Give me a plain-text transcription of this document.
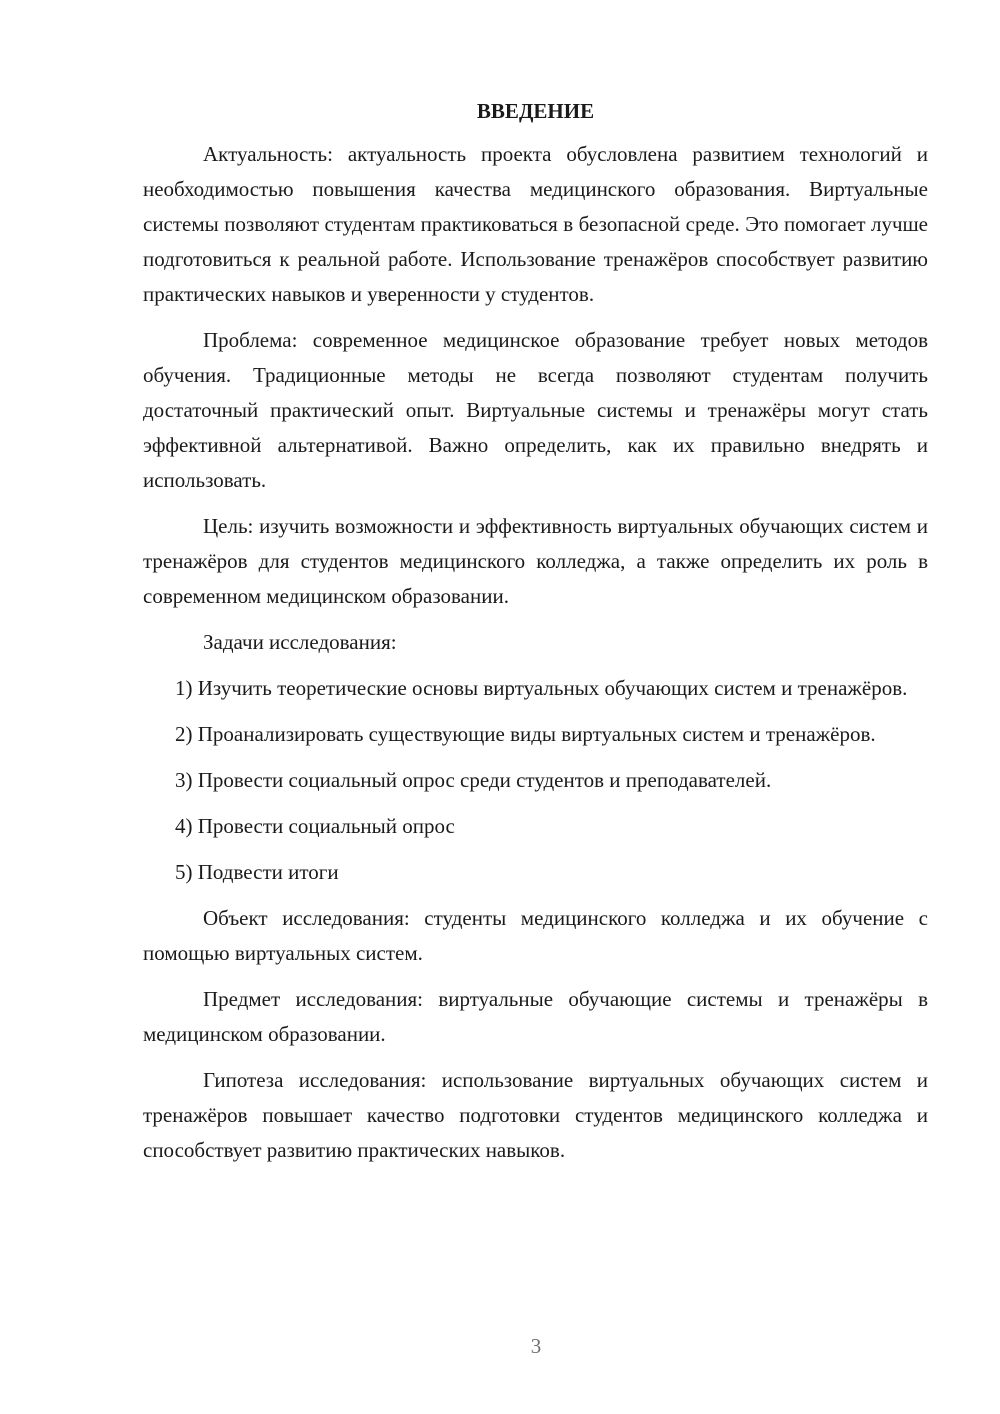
ВВЕДЕНИЕ

Актуальность: актуальность проекта обусловлена развитием технологий и необходимостью повышения качества медицинского образования. Виртуальные системы позволяют студентам практиковаться в безопасной среде. Это помогает лучше подготовиться к реальной работе. Использование тренажёров способствует развитию практических навыков и уверенности у студентов.

Проблема: современное медицинское образование требует новых методов обучения. Традиционные методы не всегда позволяют студентам получить достаточный практический опыт. Виртуальные системы и тренажёры могут стать эффективной альтернативой. Важно определить, как их правильно внедрять и использовать.

Цель: изучить возможности и эффективность виртуальных обучающих систем и тренажёров для студентов медицинского колледжа, а также определить их роль в современном медицинском образовании.

Задачи исследования:

1) Изучить теоретические основы виртуальных обучающих систем и тренажёров.

2) Проанализировать существующие виды виртуальных систем и тренажёров.

3) Провести социальный опрос среди студентов и преподавателей.

4) Провести социальный опрос

5) Подвести итоги

Объект исследования: студенты медицинского колледжа и их обучение с помощью виртуальных систем.

Предмет исследования: виртуальные обучающие системы и тренажёры в медицинском образовании.

Гипотеза исследования: использование виртуальных обучающих систем и тренажёров повышает качество подготовки студентов медицинского колледжа и способствует развитию практических навыков.

3
